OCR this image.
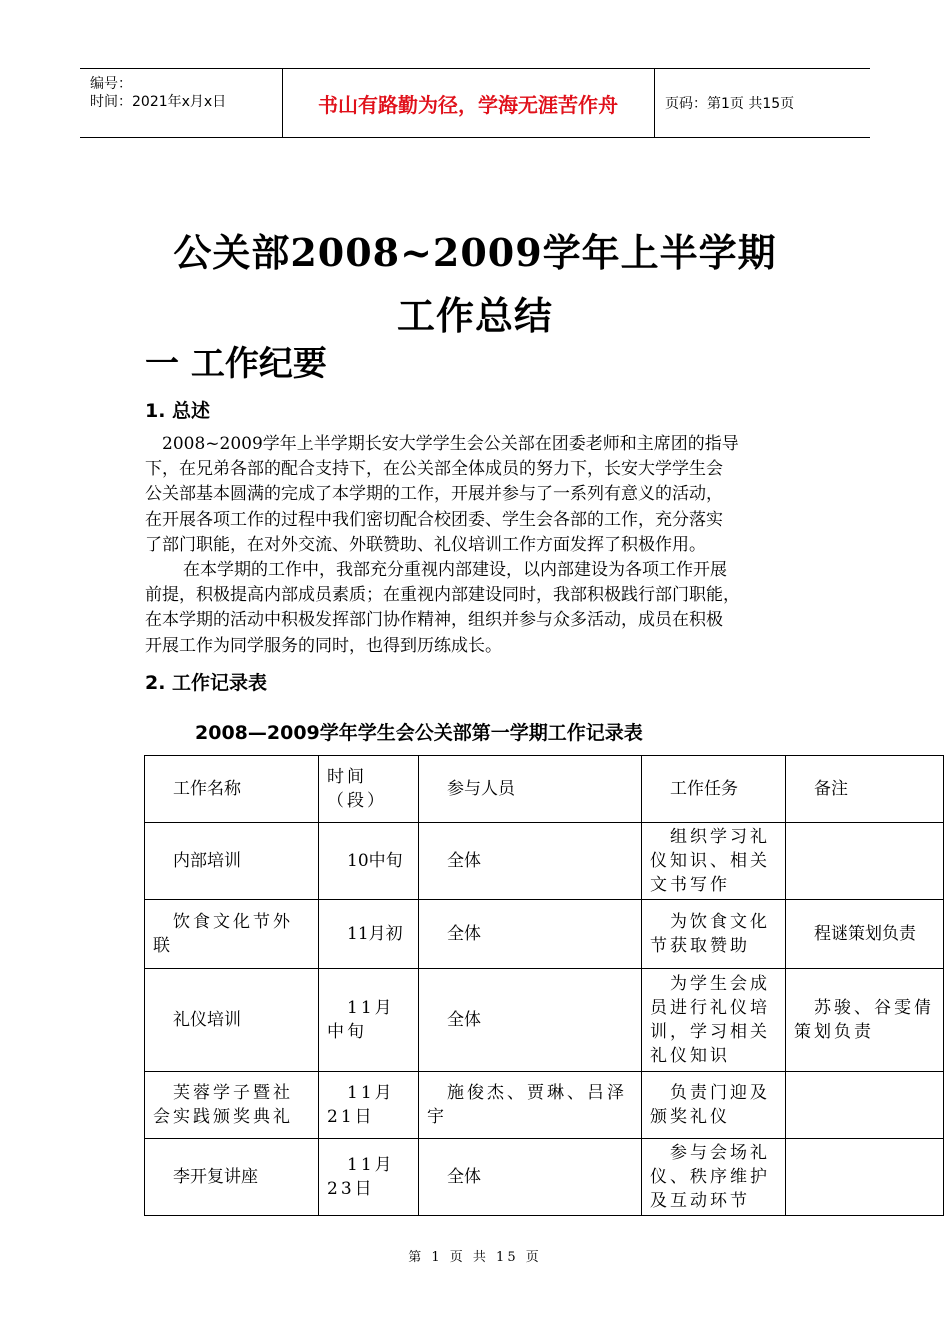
编号：
时间：2021年x月x日	书山有路勤为径，学海无涯苦作舟	页码：第1页 共15页
公关部2008~2009学年上半学期
工作总结
一 工作纪要
1. 总述
2008~2009学年上半学期长安大学学生会公关部在团委老师和主席团的指导
下，在兄弟各部的配合支持下，在公关部全体成员的努力下，长安大学学生会
公关部基本圆满的完成了本学期的工作，开展并参与了一系列有意义的活动，
在开展各项工作的过程中我们密切配合校团委、学生会各部的工作，充分落实
了部门职能，在对外交流、外联赞助、礼仪培训工作方面发挥了积极作用。
在本学期的工作中，我部充分重视内部建设，以内部建设为各项工作开展
前提，积极提高内部成员素质；在重视内部建设同时，我部积极践行部门职能，
在本学期的活动中积极发挥部门协作精神，组织并参与众多活动，成员在积极
开展工作为同学服务的同时，也得到历练成长。
2. 工作记录表
2008—2009学年学生会公关部第一学期工作记录表
工作名称	时间（段）	参与人员	工作任务	备注
内部培训	10中旬	全体	组织学习礼仪知识、相关文书写作	
饮食文化节外联	11月初	全体	为饮食文化节获取赞助	程谜策划负责
礼仪培训	11月中旬	全体	为学生会成员进行礼仪培训，学习相关礼仪知识	苏骏、谷雯倩策划负责
芙蓉学子暨社会实践颁奖典礼	11月21日	施俊杰、贾琳、吕泽宇	负责门迎及颁奖礼仪	
李开复讲座	11月23日	全体	参与会场礼仪、秩序维护及互动环节	
第 1 页 共 15 页
